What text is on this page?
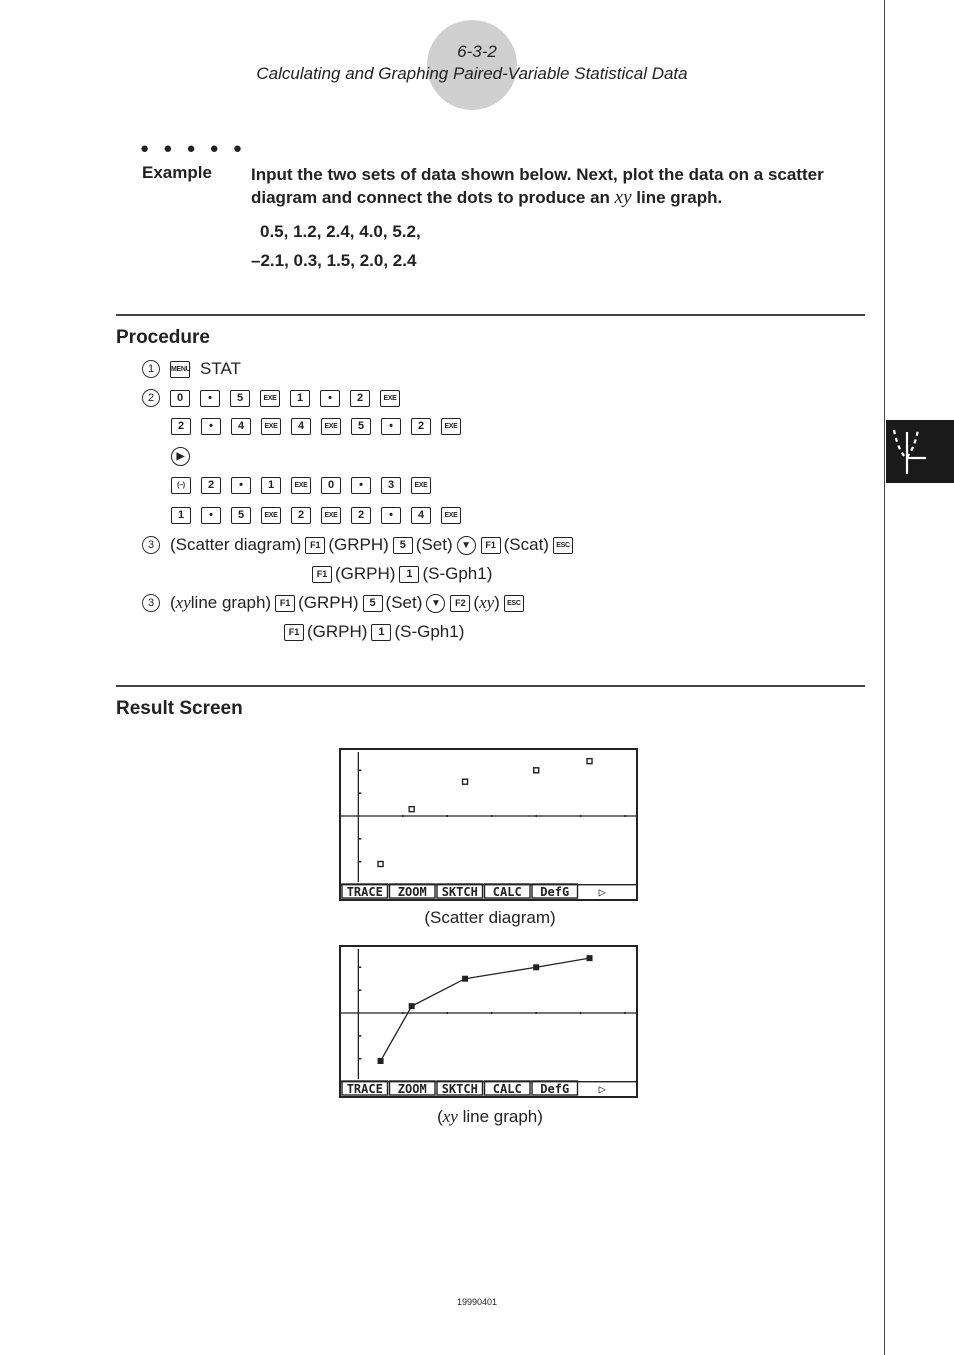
6-3-2
Calculating and Graphing Paired-Variable Statistical Data
● ● ● ● ●
Example Input the two sets of data shown below. Next, plot the data on a scatter diagram and connect the dots to produce an xy line graph.
0.5, 1.2, 2.4, 4.0, 5.2,
–2.1, 0.3, 1.5, 2.0, 2.4
Procedure
1	MENU STAT
2	0	•	5	EXE	1	•	2	EXE
2	•	4	EXE	4	EXE	5	•	2	EXE
▶
(–)	2	•	1	EXE	0	•	3	EXE
1	•	5	EXE	2	EXE	2	•	4	EXE
3 (Scatter diagram) F1 (GRPH) 5 (Set) ▼	F1 (Scat)	ESC
F1 (GRPH) 1 (S-Gph1)
3 ( xy line graph) F1 (GRPH) 5 (Set) ▼	F2 ( xy )	ESC
F1 (GRPH) 1 (S-Gph1)
Result Screen
TRACE ZOOM SKTCH CALC DefG ▷
(Scatter diagram)
TRACE ZOOM SKTCH CALC DefG ▷
(xy line graph)
19990401
